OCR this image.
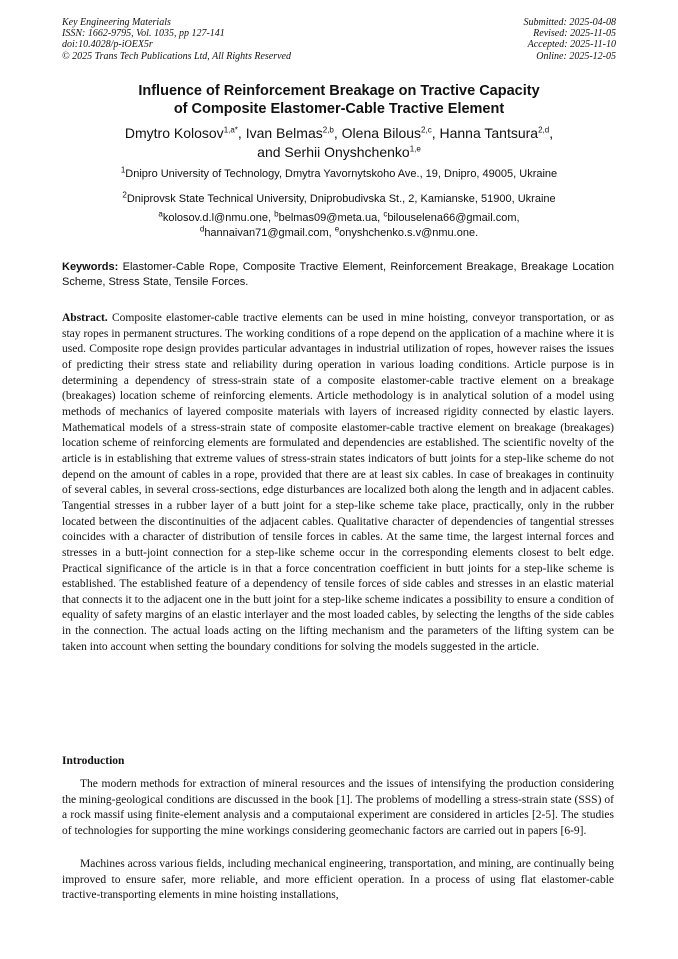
Key Engineering Materials
ISSN: 1662-9795, Vol. 1035, pp 127-141
doi:10.4028/p-iOEX5r
© 2025 Trans Tech Publications Ltd, All Rights Reserved
Submitted: 2025-04-08
Revised: 2025-11-05
Accepted: 2025-11-10
Online: 2025-12-05
Influence of Reinforcement Breakage on Tractive Capacity
of Composite Elastomer-Cable Tractive Element
Dmytro Kolosov$^{1,a*}$, Ivan Belmas$^{2,b}$, Olena Bilous$^{2,c}$, Hanna Tantsura$^{2,d}$,
and Serhii Onyshchenko$^{1,e}$
$^1$Dnipro University of Technology, Dmytra Yavornytskoho Ave., 19, Dnipro, 49005, Ukraine
$^2$Dniprovsk State Technical University, Dniprobudivska St., 2, Kamianske, 51900, Ukraine
$^a$kolosov.d.l@nmu.one, $^b$belmas09@meta.ua, $^c$bilouselena66@gmail.com,
$^d$hannaivan71@gmail.com, $^e$onyshchenko.s.v@nmu.one.
Keywords: Elastomer-Cable Rope, Composite Tractive Element, Reinforcement Breakage, Breakage Location Scheme, Stress State, Tensile Forces.
Abstract. Composite elastomer-cable tractive elements can be used in mine hoisting, conveyor transportation, or as stay ropes in permanent structures. The working conditions of a rope depend on the application of a machine where it is used. Composite rope design provides particular advantages in industrial utilization of ropes, however raises the issues of predicting their stress state and reliability during operation in various loading conditions. Article purpose is in determining a dependency of stress-strain state of a composite elastomer-cable tractive element on a breakage (breakages) location scheme of reinforcing elements. Article methodology is in analytical solution of a model using methods of mechanics of layered composite materials with layers of increased rigidity connected by elastic layers. Mathematical models of a stress-strain state of composite elastomer-cable tractive element on breakage (breakages) location scheme of reinforcing elements are formulated and dependencies are established. The scientific novelty of the article is in establishing that extreme values of stress-strain states indicators of butt joints for a step-like scheme do not depend on the amount of cables in a rope, provided that there are at least six cables. In case of breakages in continuity of several cables, in several cross-sections, edge disturbances are localized both along the length and in adjacent cables. Tangential stresses in a rubber layer of a butt joint for a step-like scheme take place, practically, only in the rubber located between the discontinuities of the adjacent cables. Qualitative character of dependencies of tangential stresses coincides with a character of distribution of tensile forces in cables. At the same time, the largest internal forces and stresses in a butt-joint connection for a step-like scheme occur in the corresponding elements closest to belt edge. Practical significance of the article is in that a force concentration coefficient in butt joints for a step-like scheme is established. The established feature of a dependency of tensile forces of side cables and stresses in an elastic material that connects it to the adjacent one in the butt joint for a step-like scheme indicates a possibility to ensure a condition of equality of safety margins of an elastic interlayer and the most loaded cables, by selecting the lengths of the side cables in the connection. The actual loads acting on the lifting mechanism and the parameters of the lifting system can be taken into account when setting the boundary conditions for solving the models suggested in the article.
Introduction

The modern methods for extraction of mineral resources and the issues of intensifying the production considering the mining-geological conditions are discussed in the book [1]. The problems of modelling a stress-strain state (SSS) of a rock massif using finite-element analysis and a computaional experiment are considered in articles [2-5]. The studies of technologies for supporting the mine workings considering geomechanic factors are carried out in papers [6-9].

Machines across various fields, including mechanical engineering, transportation, and mining, are continually being improved to ensure safer, more reliable, and more efficient operation. In a process of using flat elastomer-cable tractive-transporting elements in mine hoisting installations,
